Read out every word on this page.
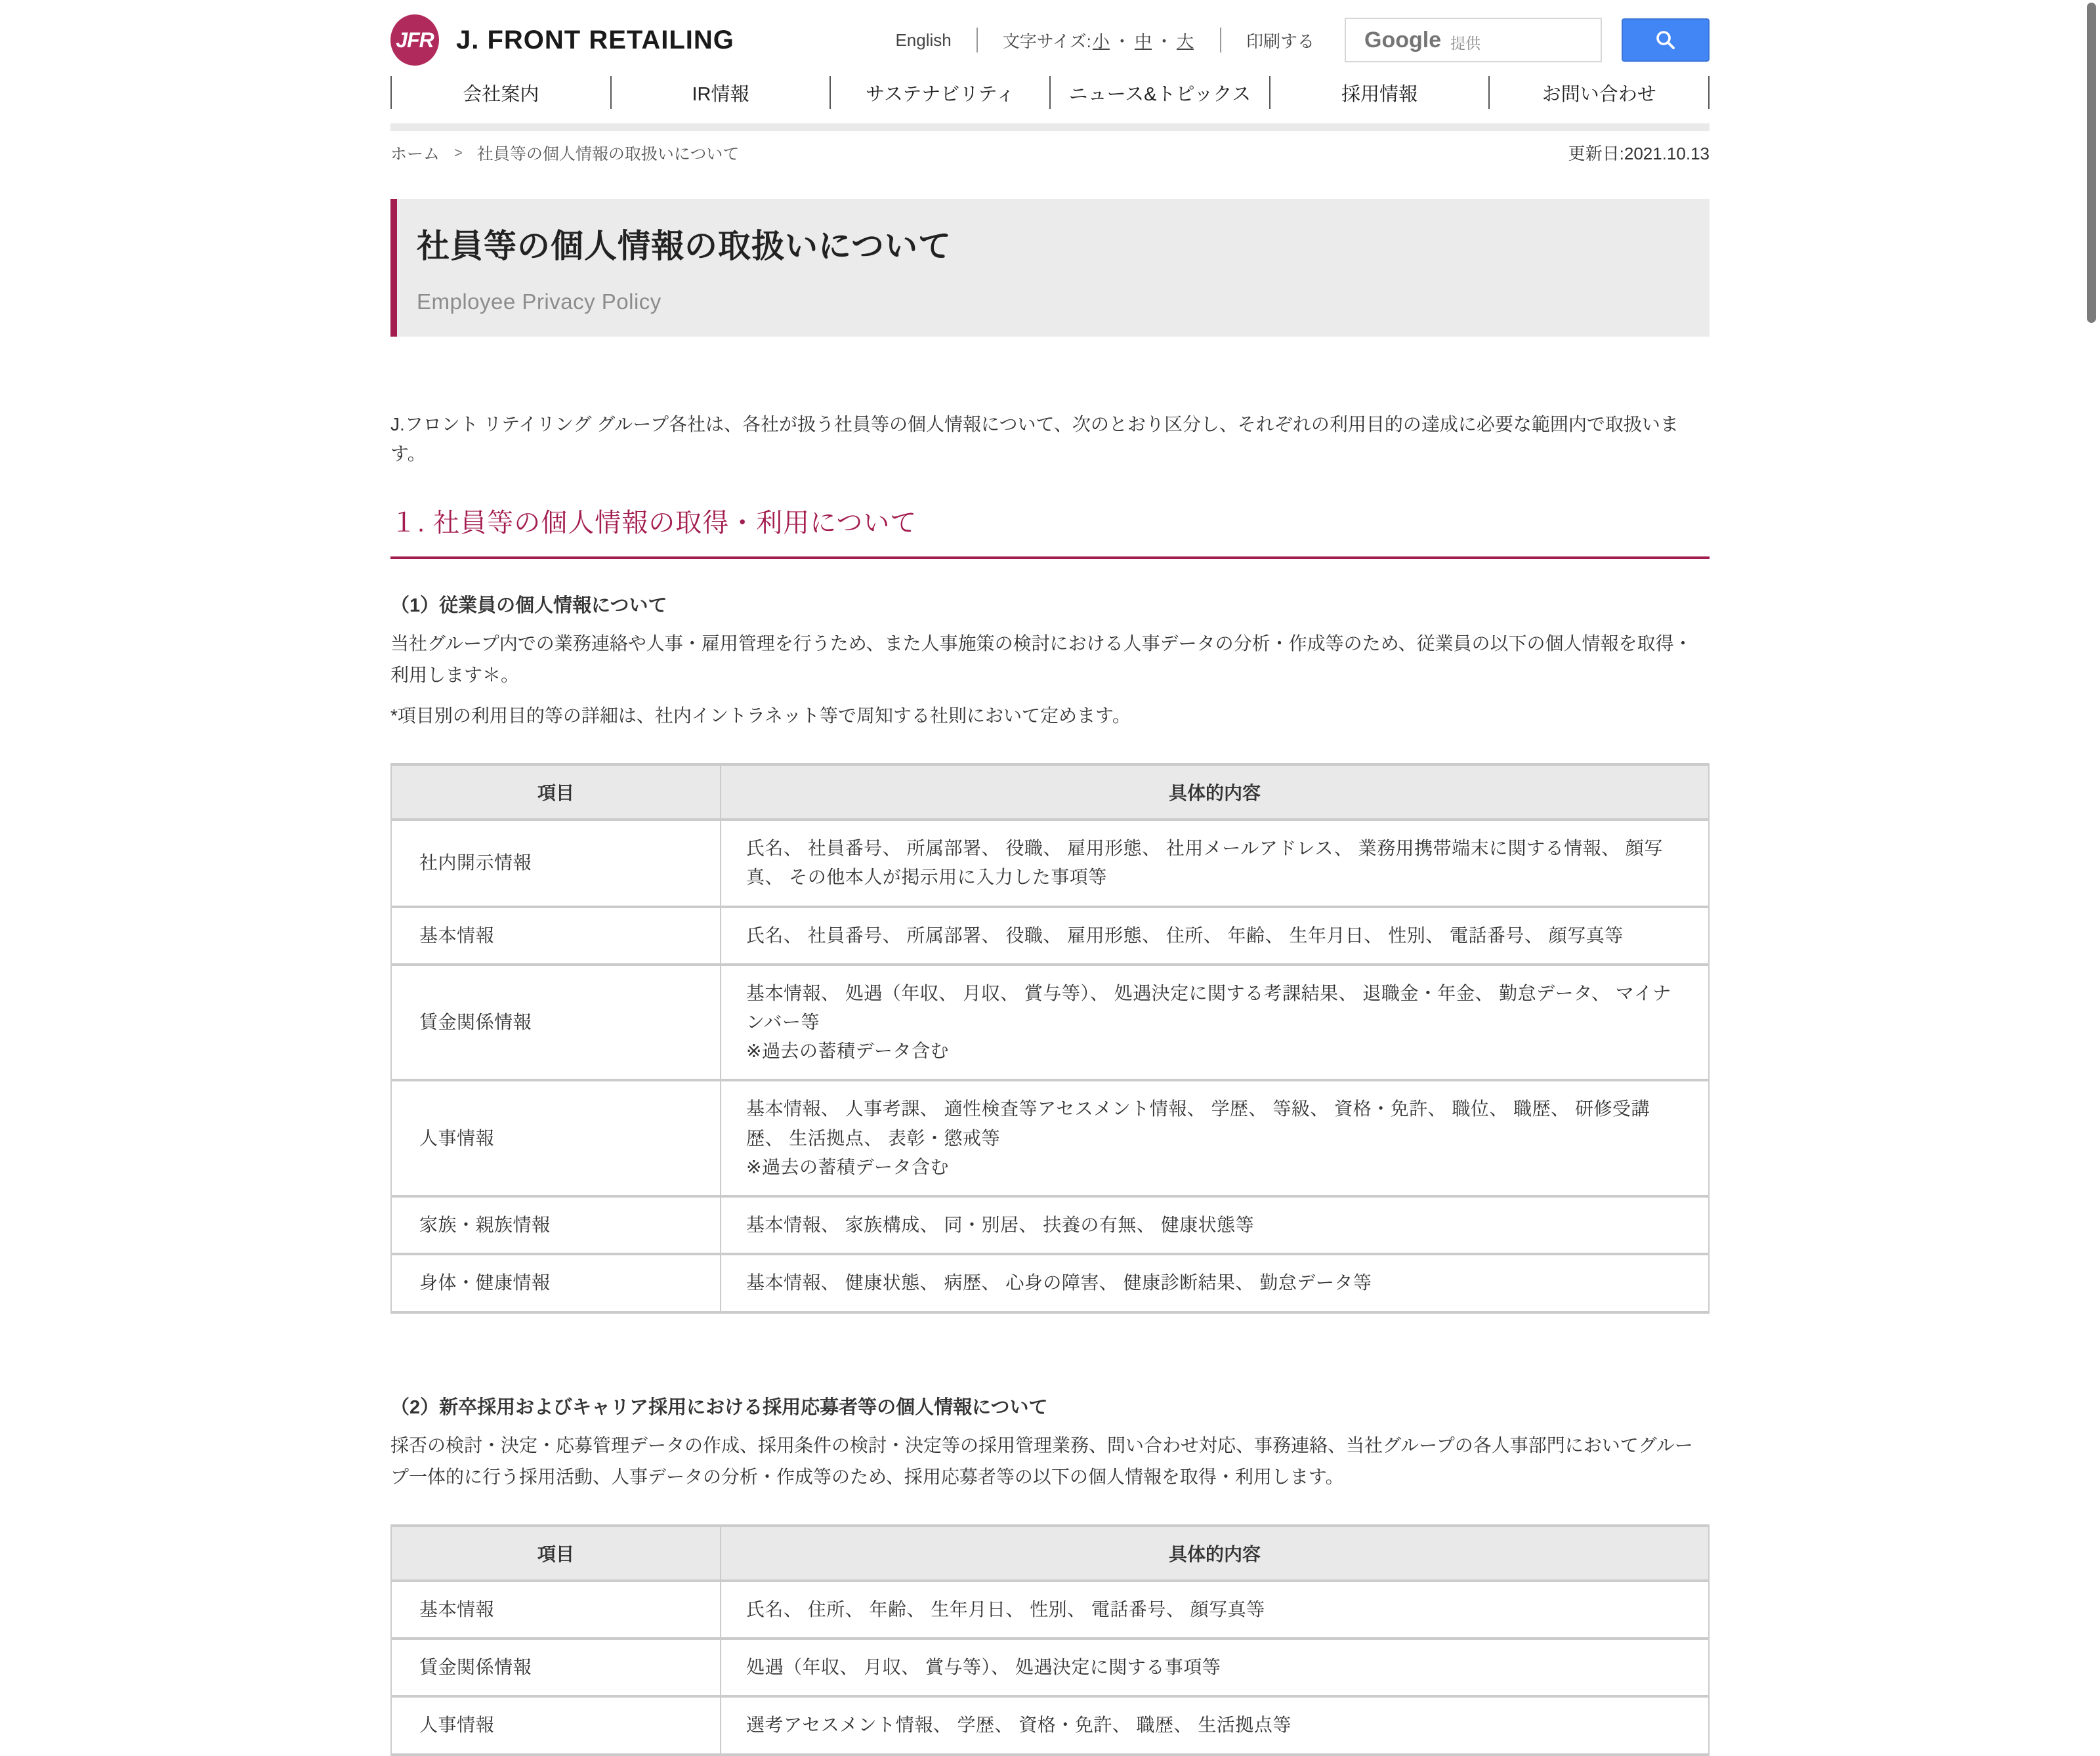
JFR J. FRONT RETAILING	English	文字サイズ: 小 ・ 中 ・ 大	印刷する Google 提供
会社案内	IR情報	サステナビリティ	ニュース&トピックス	採用情報	お問い合わせ
ホーム > 社員等の個人情報の取扱いについて	更新日:2021.10.13
社員等の個人情報の取扱いについて

Employee Privacy Policy

J.フロント リテイリング グループ各社は、各社が扱う社員等の個人情報について、次のとおり区分し、それぞれの利用目的の達成に必要な範囲内で取扱います。

１. 社員等の個人情報の取得・利用について
（1）従業員の個人情報について

当社グループ内での業務連絡や人事・雇用管理を行うため、また人事施策の検討における人事データの分析・作成等のため、従業員の以下の個人情報を取得・利用します＊。

*項目別の利用目的等の詳細は、社内イントラネット等で周知する社則において定めます。

項目	具体的内容
社内開示情報	氏名、 社員番号、 所属部署、 役職、 雇用形態、 社用メールアドレス、 業務用携帯端末に関する情報、 顔写真、 その他本人が掲示用に入力した事項等
基本情報	氏名、 社員番号、 所属部署、 役職、 雇用形態、 住所、 年齢、 生年月日、 性別、 電話番号、 顔写真等
賃金関係情報	基本情報、 処遇（年収、 月収、 賞与等）、 処遇決定に関する考課結果、 退職金・年金、 勤怠データ、 マイナンバー等
※過去の蓄積データ含む
人事情報	基本情報、 人事考課、 適性検査等アセスメント情報、 学歴、 等級、 資格・免許、 職位、 職歴、 研修受講歴、 生活拠点、 表彰・懲戒等
※過去の蓄積データ含む
家族・親族情報	基本情報、 家族構成、 同・別居、 扶養の有無、 健康状態等
身体・健康情報	基本情報、 健康状態、 病歴、 心身の障害、 健康診断結果、 勤怠データ等
（2）新卒採用およびキャリア採用における採用応募者等の個人情報について

採否の検討・決定・応募管理データの作成、採用条件の検討・決定等の採用管理業務、問い合わせ対応、事務連絡、当社グループの各人事部門においてグループ一体的に行う採用活動、人事データの分析・作成等のため、採用応募者等の以下の個人情報を取得・利用します。

項目	具体的内容
基本情報	氏名、 住所、 年齢、 生年月日、 性別、 電話番号、 顔写真等
賃金関係情報	処遇（年収、 月収、 賞与等）、 処遇決定に関する事項等
人事情報	選考アセスメント情報、 学歴、 資格・免許、 職歴、 生活拠点等
